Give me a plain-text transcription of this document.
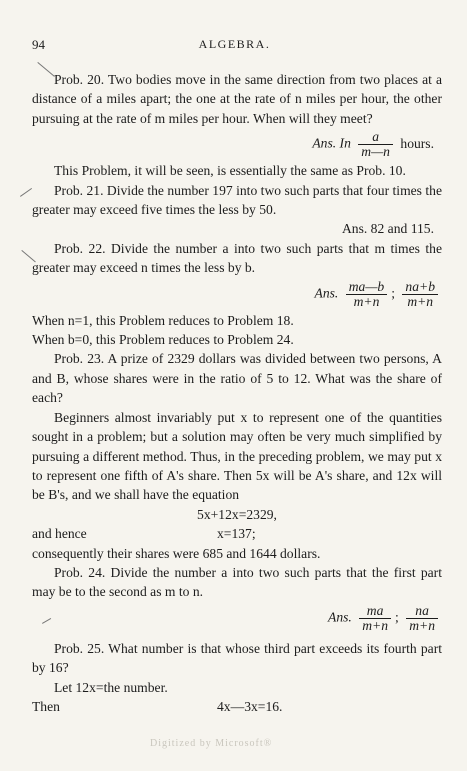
94	ALGEBRA.

Prob. 20. Two bodies move in the same direction from two places at a distance of a miles apart; the one at the rate of n miles per hour, the other pursuing at the rate of m miles per hour. When will they meet?

Ans. In $\frac{a}{m—n}$ hours.

This Problem, it will be seen, is essentially the same as Prob. 10.

Prob. 21. Divide the number 197 into two such parts that four times the greater may exceed five times the less by 50.

Ans. 82 and 115.

Prob. 22. Divide the number a into two such parts that m times the greater may exceed n times the less by b.

Ans. $\frac{ma—b}{m+n}$ ; $\frac{na+b}{m+n}$

When n=1, this Problem reduces to Problem 18.

When b=0, this Problem reduces to Problem 24.

Prob. 23. A prize of 2329 dollars was divided between two persons, A and B, whose shares were in the ratio of 5 to 12. What was the share of each?

Beginners almost invariably put x to represent one of the quantities sought in a problem; but a solution may often be very much simplified by pursuing a different method. Thus, in the preceding problem, we may put x to represent one fifth of A's share. Then 5x will be A's share, and 12x will be B's, and we shall have the equation

5x+12x=2329,

and hence	x=137;

consequently their shares were 685 and 1644 dollars.

Prob. 24. Divide the number a into two such parts that the first part may be to the second as m to n.

Ans. $\frac{ma}{m+n}$ ; $\frac{na}{m+n}$

Prob. 25. What number is that whose third part exceeds its fourth part by 16?

Let 12x=the number.

Then	4x—3x=16.

Digitized by Microsoft®
